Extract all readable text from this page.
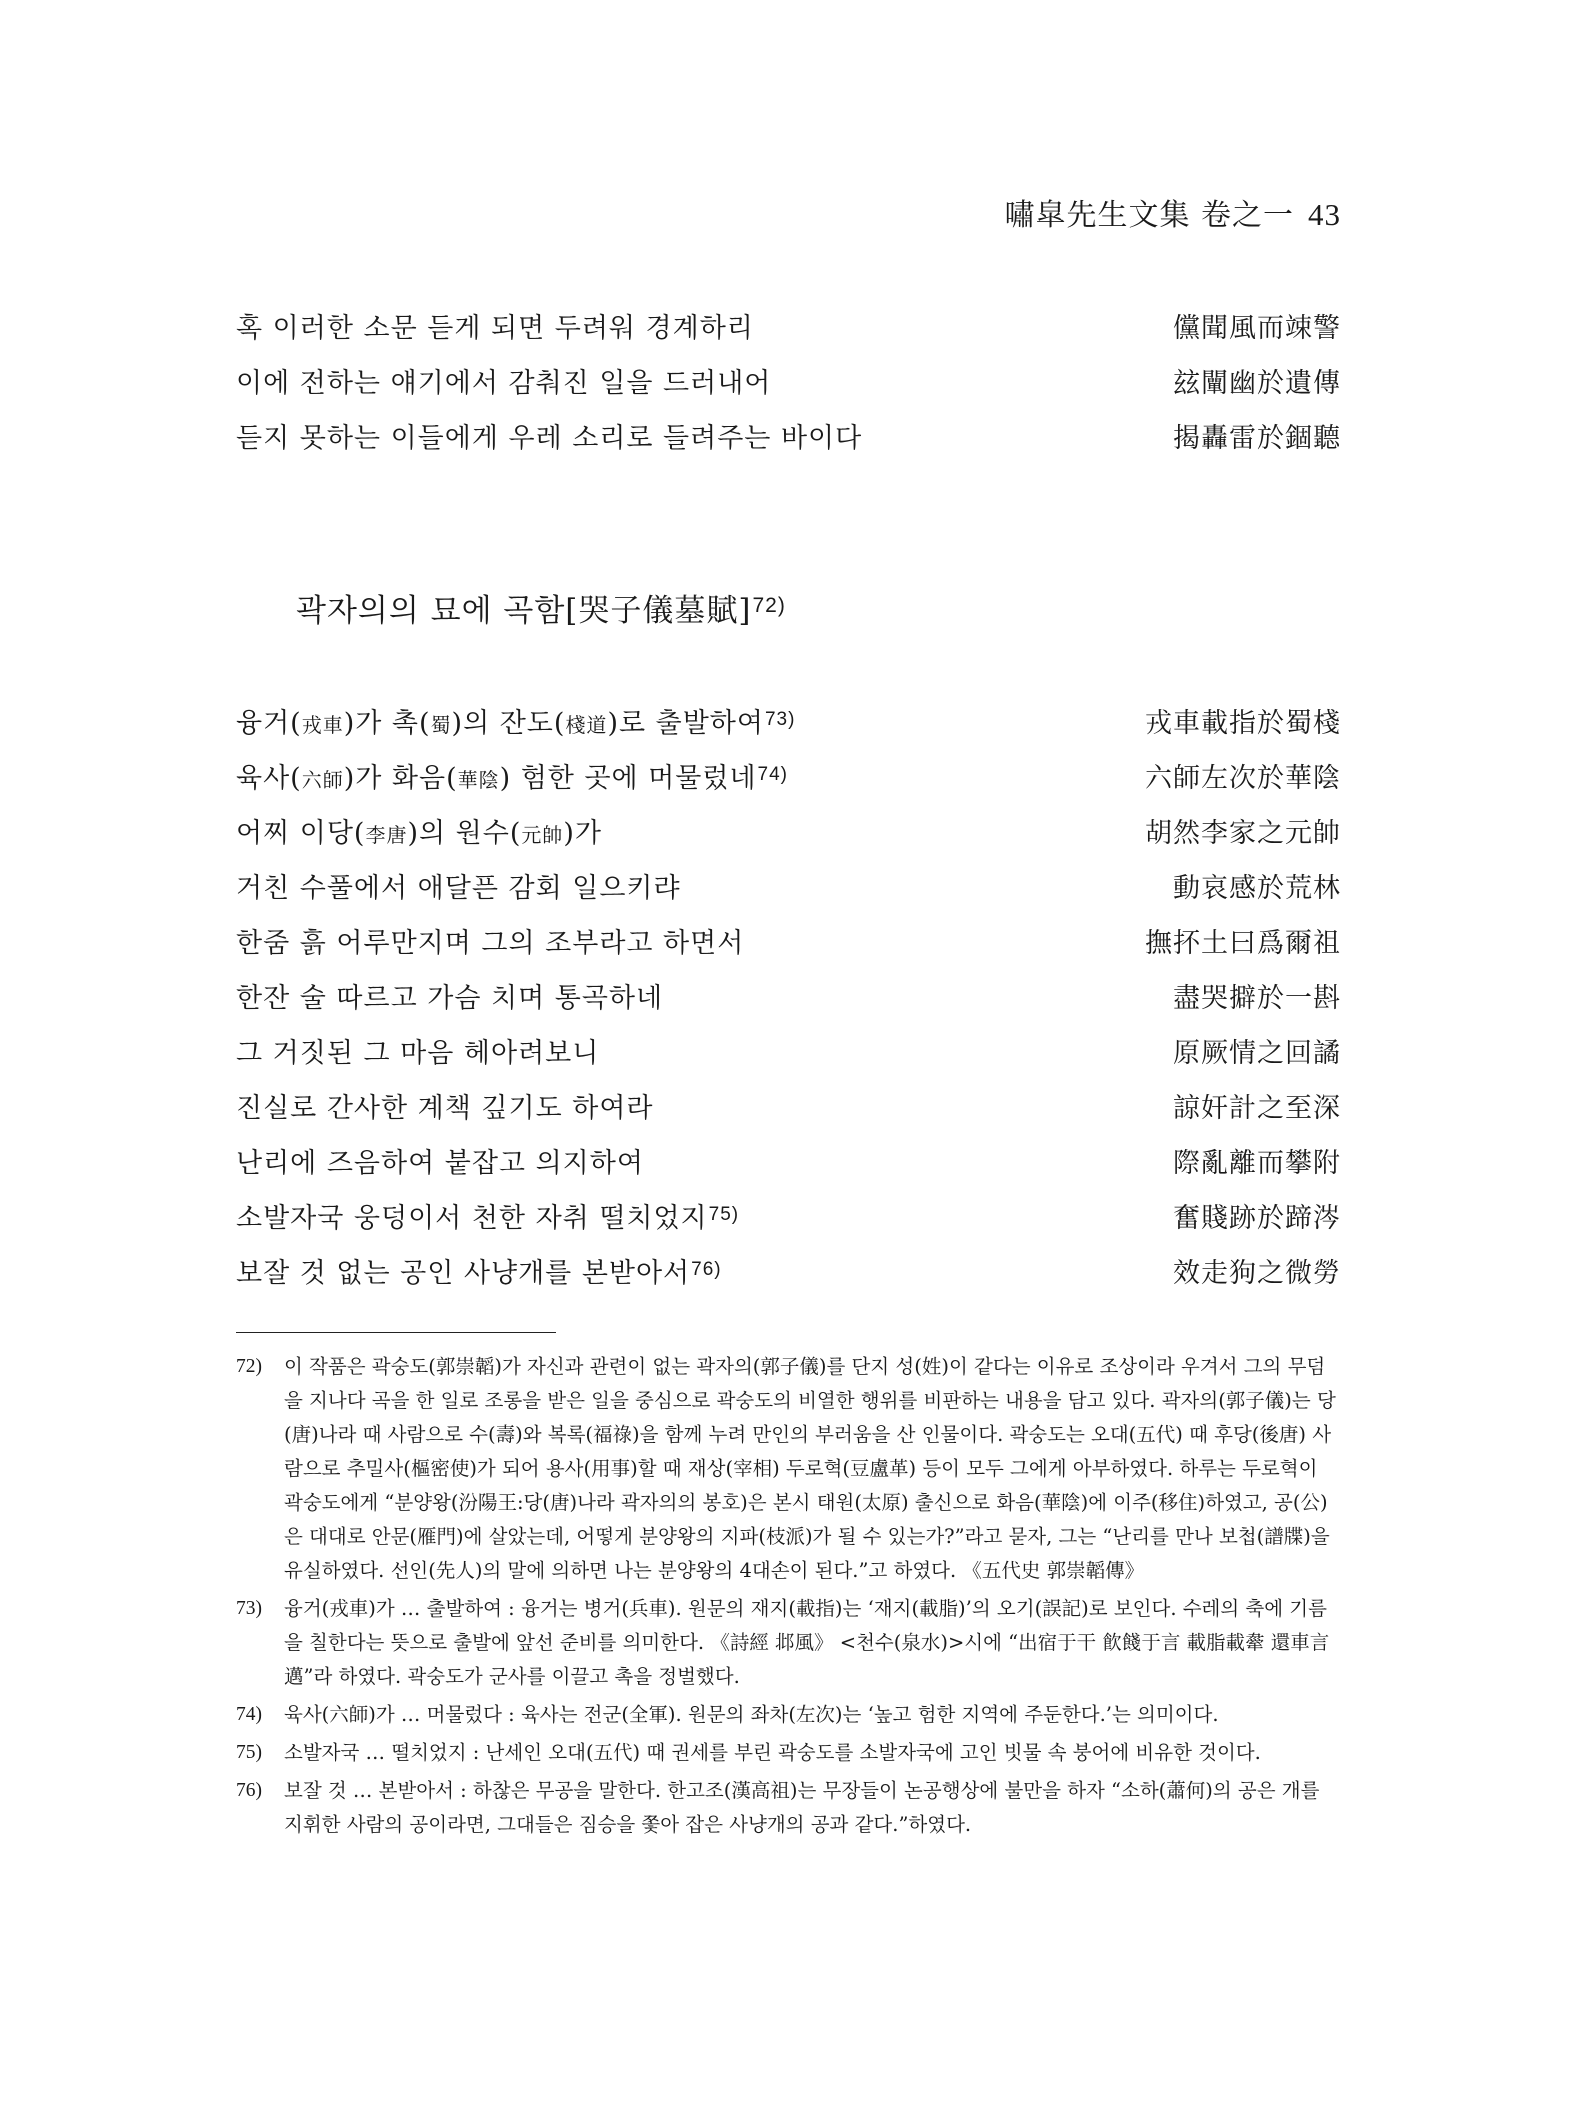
嘯皐先生文集 卷之一 43
혹 이러한 소문 듣게 되면 두려워 경계하리	儻聞風而竦警
이에 전하는 얘기에서 감춰진 일을 드러내어	玆闡幽於遺傳
듣지 못하는 이들에게 우레 소리로 들려주는 바이다	揭轟雷於錮聽
곽자의의 묘에 곡함[哭子儀墓賦]$^{72)}$
융거(戎車)가 촉(蜀)의 잔도(棧道)로 출발하여$^{73)}$	戎車載指於蜀棧
육사(六師)가 화음(華陰) 험한 곳에 머물렀네$^{74)}$	六師左次於華陰
어찌 이당(李唐)의 원수(元帥)가	胡然李家之元帥
거친 수풀에서 애달픈 감회 일으키랴	動哀感於荒林
한줌 흙 어루만지며 그의 조부라고 하면서	撫抔土曰爲爾祖
한잔 술 따르고 가슴 치며 통곡하네	盡哭擗於一斟
그 거짓된 그 마음 헤아려보니	原厥情之回譎
진실로 간사한 계책 깊기도 하여라	諒奸計之至深
난리에 즈음하여 붙잡고 의지하여	際亂離而攀附
소발자국 웅덩이서 천한 자취 떨치었지$^{75)}$	奮賤跡於蹄涔
보잘 것 없는 공인 사냥개를 본받아서$^{76)}$	效走狗之微勞
72) 이 작품은 곽숭도(郭崇韜)가 자신과 관련이 없는 곽자의(郭子儀)를 단지 성(姓)이 같다는 이유로 조상이라 우겨서 그의 무덤을 지나다 곡을 한 일로 조롱을 받은 일을 중심으로 곽숭도의 비열한 행위를 비판하는 내용을 담고 있다. 곽자의(郭子儀)는 당(唐)나라 때 사람으로 수(壽)와 복록(福祿)을 함께 누려 만인의 부러움을 산 인물이다. 곽숭도는 오대(五代) 때 후당(後唐) 사람으로 추밀사(樞密使)가 되어 용사(用事)할 때 재상(宰相) 두로혁(豆盧革) 등이 모두 그에게 아부하였다. 하루는 두로혁이 곽숭도에게 “분양왕(汾陽王:당(唐)나라 곽자의의 봉호)은 본시 태원(太原) 출신으로 화음(華陰)에 이주(移住)하였고, 공(公)은 대대로 안문(雁門)에 살았는데, 어떻게 분양왕의 지파(枝派)가 될 수 있는가?”라고 묻자, 그는 “난리를 만나 보첩(譜牒)을 유실하였다. 선인(先人)의 말에 의하면 나는 분양왕의 4대손이 된다.”고 하였다. 《五代史 郭崇韜傳》
73) 융거(戎車)가 … 출발하여 : 융거는 병거(兵車). 원문의 재지(載指)는 ‘재지(載脂)’의 오기(誤記)로 보인다. 수레의 축에 기름을 칠한다는 뜻으로 출발에 앞선 준비를 의미한다. 《詩經 邶風》 <천수(泉水)>시에 “出宿于干 飮餞于言 載脂載舝 還車言邁”라 하였다. 곽숭도가 군사를 이끌고 촉을 정벌했다.
74) 육사(六師)가 … 머물렀다 : 육사는 전군(全軍). 원문의 좌차(左次)는 ‘높고 험한 지역에 주둔한다.’는 의미이다.
75) 소발자국 … 떨치었지 : 난세인 오대(五代) 때 권세를 부린 곽숭도를 소발자국에 고인 빗물 속 붕어에 비유한 것이다.
76) 보잘 것 … 본받아서 : 하찮은 무공을 말한다. 한고조(漢高祖)는 무장들이 논공행상에 불만을 하자 “소하(蕭何)의 공은 개를 지휘한 사람의 공이라면, 그대들은 짐승을 쫓아 잡은 사냥개의 공과 같다.”하였다.
